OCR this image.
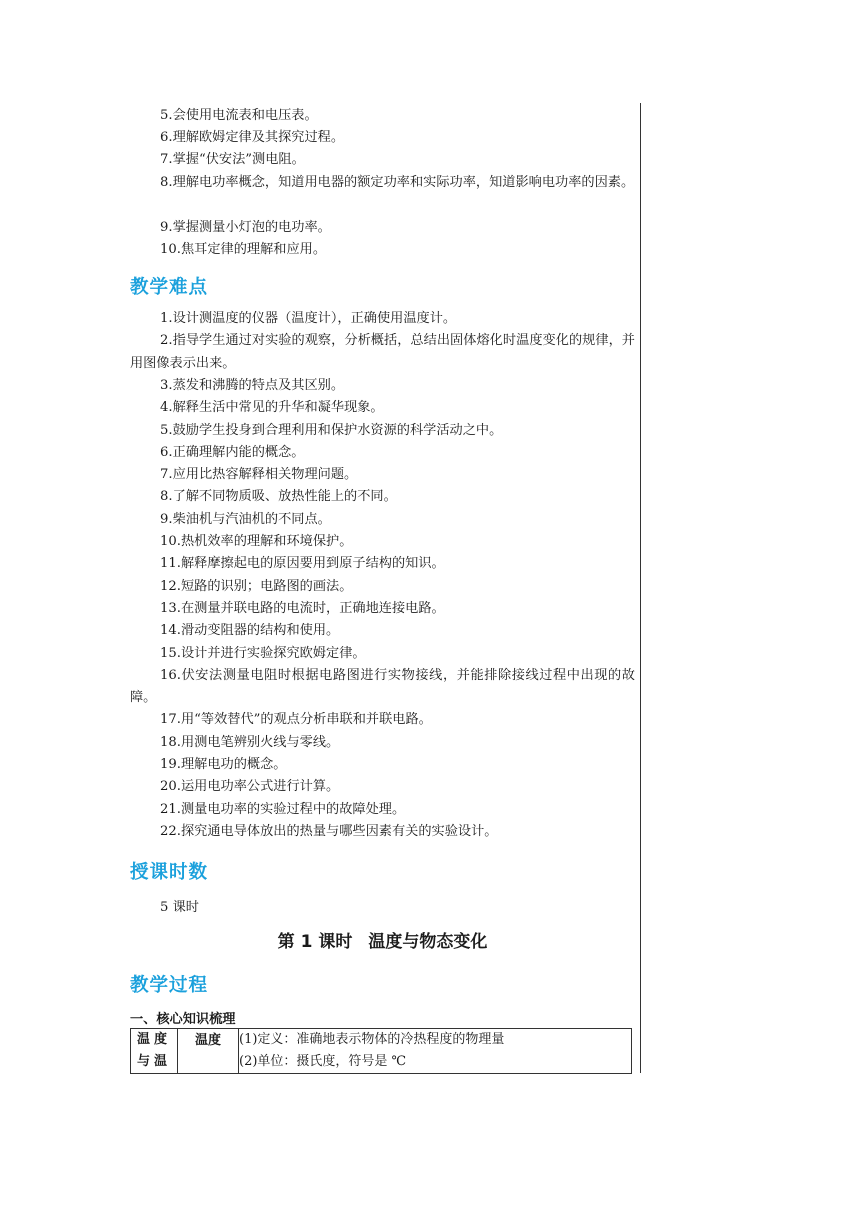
5.会使用电流表和电压表。
6.理解欧姆定律及其探究过程。
7.掌握“伏安法”测电阻。
8.理解电功率概念，知道用电器的额定功率和实际功率，知道影响电功率的因素。
9.掌握测量小灯泡的电功率。
10.焦耳定律的理解和应用。
教学难点
1.设计测温度的仪器（温度计），正确使用温度计。
2.指导学生通过对实验的观察，分析概括，总结出固体熔化时温度变化的规律，并用图像表示出来。
3.蒸发和沸腾的特点及其区别。
4.解释生活中常见的升华和凝华现象。
5.鼓励学生投身到合理利用和保护水资源的科学活动之中。
6.正确理解内能的概念。
7.应用比热容解释相关物理问题。
8.了解不同物质吸、放热性能上的不同。
9.柴油机与汽油机的不同点。
10.热机效率的理解和环境保护。
11.解释摩擦起电的原因要用到原子结构的知识。
12.短路的识别；电路图的画法。
13.在测量并联电路的电流时，正确地连接电路。
14.滑动变阻器的结构和使用。
15.设计并进行实验探究欧姆定律。
16.伏安法测量电阻时根据电路图进行实物接线，并能排除接线过程中出现的故障。
17.用“等效替代”的观点分析串联和并联电路。
18.用测电笔辨别火线与零线。
19.理解电功的概念。
20.运用电功率公式进行计算。
21.测量电功率的实验过程中的故障处理。
22.探究通电导体放出的热量与哪些因素有关的实验设计。
授课时数
5 课时
第 1 课时 温度与物态变化
教学过程
一、核心知识梳理
温度与温	温度	(1)定义：准确地表示物体的冷热程度的物理量
(2)单位：摄氏度，符号是 ℃
